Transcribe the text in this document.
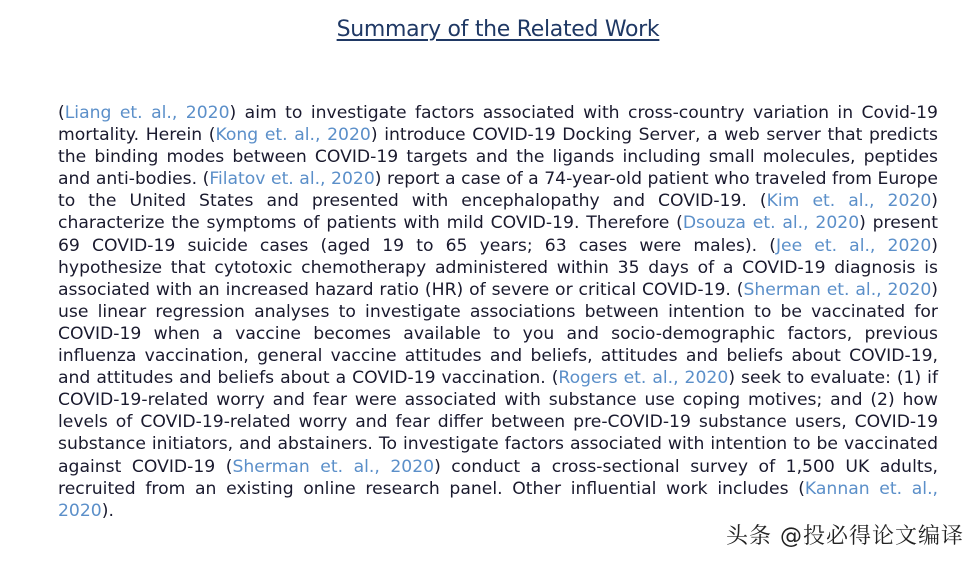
Summary of the Related Work
(Liang et. al., 2020) aim to investigate factors associated with cross-country variation in Covid-19 mortality. Herein (Kong et. al., 2020) introduce COVID-19 Docking Server, a web server that predicts the binding modes between COVID-19 targets and the ligands including small molecules, peptides and anti-bodies. (Filatov et. al., 2020) report a case of a 74-year-old patient who traveled from Europe to the United States and presented with encephalopathy and COVID-19. (Kim et. al., 2020) characterize the symptoms of patients with mild COVID-19. Therefore (Dsouza et. al., 2020) present 69 COVID-19 suicide cases (aged 19 to 65 years; 63 cases were males). (Jee et. al., 2020) hypothesize that cytotoxic chemotherapy administered within 35 days of a COVID-19 diagnosis is associated with an increased hazard ratio (HR) of severe or critical COVID-19. (Sherman et. al., 2020) use linear regression analyses to investigate associations between intention to be vaccinated for COVID-19 when a vaccine becomes available to you and socio-demographic factors, previous influenza vaccination, general vaccine attitudes and beliefs, attitudes and beliefs about COVID-19, and attitudes and beliefs about a COVID-19 vaccination. (Rogers et. al., 2020) seek to evaluate: (1) if COVID-19-related worry and fear were associated with substance use coping motives; and (2) how levels of COVID-19-related worry and fear differ between pre-COVID-19 substance users, COVID-19 substance initiators, and abstainers. To investigate factors associated with intention to be vaccinated against COVID-19 (Sherman et. al., 2020) conduct a cross-sectional survey of 1,500 UK adults, recruited from an existing online research panel. Other influential work includes (Kannan et. al., 2020).
头条 @投必得论文编译
